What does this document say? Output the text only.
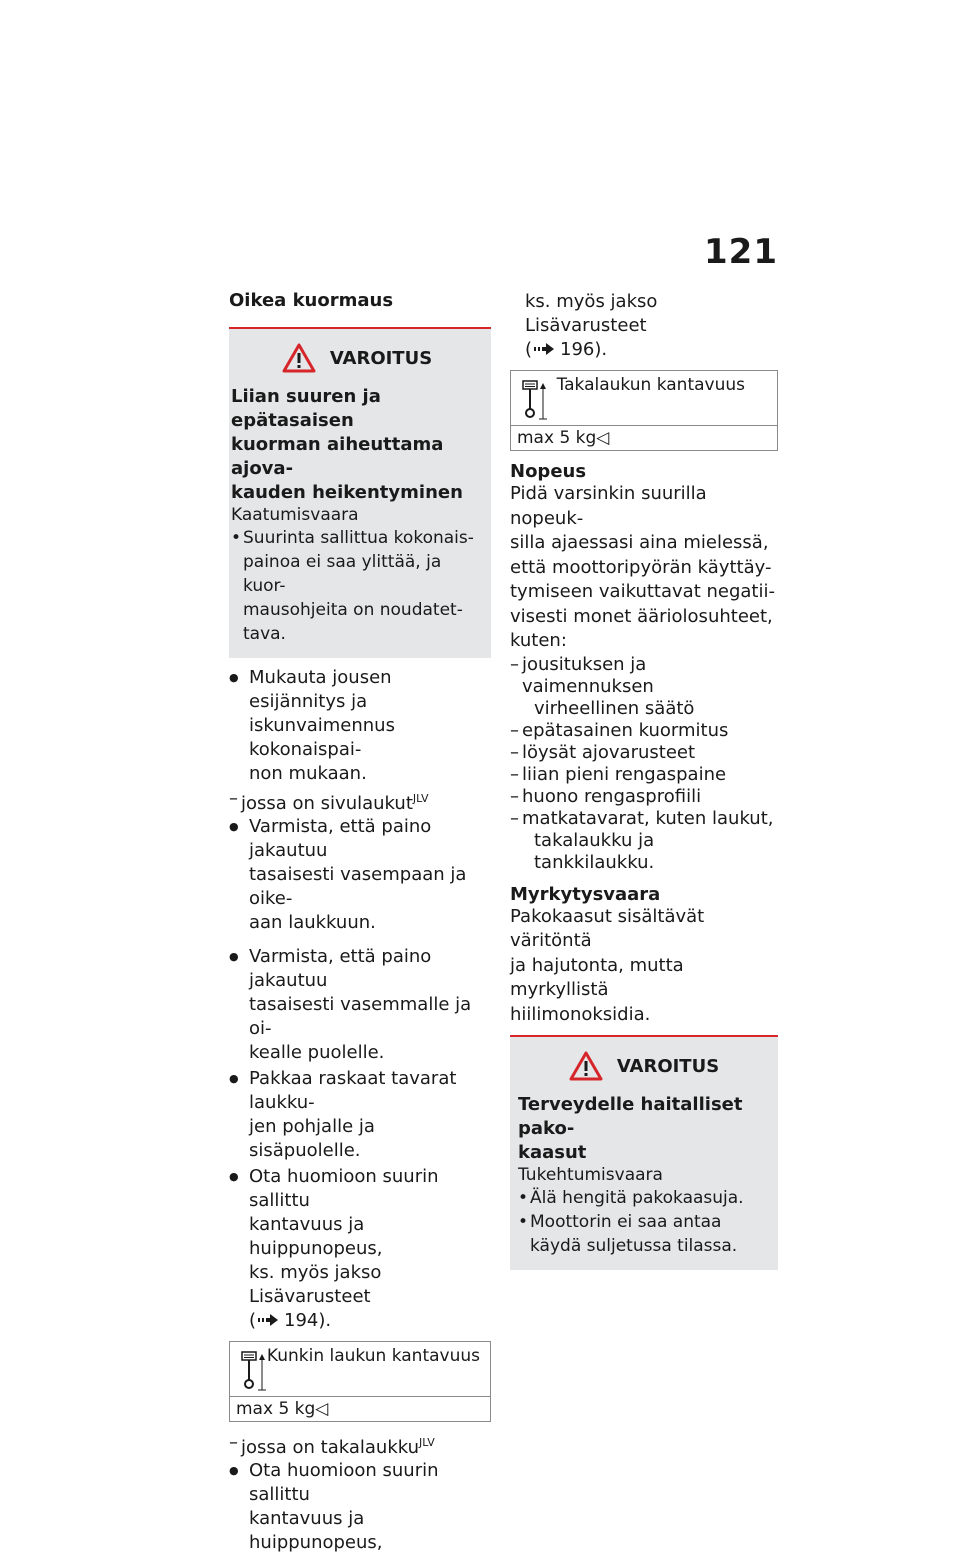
121
Oikea kuormaus
VAROITUS
Liian suuren ja epätasaisen
kuorman aiheuttama ajova-
kauden heikentyminen
Kaatumisvaara
• Suurinta sallittua kokonais-
painoa ei saa ylittää, ja kuor-
mausohjeita on noudatet-
tava.
● Mukauta jousen esijännitys ja
iskunvaimennus kokonaispai-
non mukaan.
– jossa on sivulaukut$^{JLV}$
● Varmista, että paino jakautuu
tasaisesti vasempaan ja oike-
aan laukkuun.
● Varmista, että paino jakautuu
tasaisesti vasemmalle ja oi-
kealle puolelle.
● Pakkaa raskaat tavarat laukku-
jen pohjalle ja sisäpuolelle.
● Ota huomioon suurin sallittu
kantavuus ja huippunopeus,
ks. myös jakso Lisävarusteet
( 194).
Kunkin laukun kantavuus
max 5 kg◁
– jossa on takalaukku$^{JLV}$
● Ota huomioon suurin sallittu
kantavuus ja huippunopeus,
ks. myös jakso Lisävarusteet
( 196).
Takalaukun kantavuus
max 5 kg◁
Nopeus
Pidä varsinkin suurilla nopeuk-
silla ajaessasi aina mielessä,
että moottoripyörän käyttäy-
tymiseen vaikuttavat negatii-
visesti monet ääriolosuhteet,
kuten:
– jousituksen ja vaimennuksen
virheellinen säätö
– epätasainen kuormitus
– löysät ajovarusteet
– liian pieni rengaspaine
– huono rengasprofiili
– matkatavarat, kuten laukut,
takalaukku ja tankkilaukku.
Myrkytysvaara
Pakokaasut sisältävät väritöntä
ja hajutonta, mutta myrkyllistä
hiilimonoksidia.
VAROITUS
Terveydelle haitalliset pako-
kaasut
Tukehtumisvaara
• Älä hengitä pakokaasuja.
• Moottorin ei saa antaa
käydä suljetussa tilassa.
